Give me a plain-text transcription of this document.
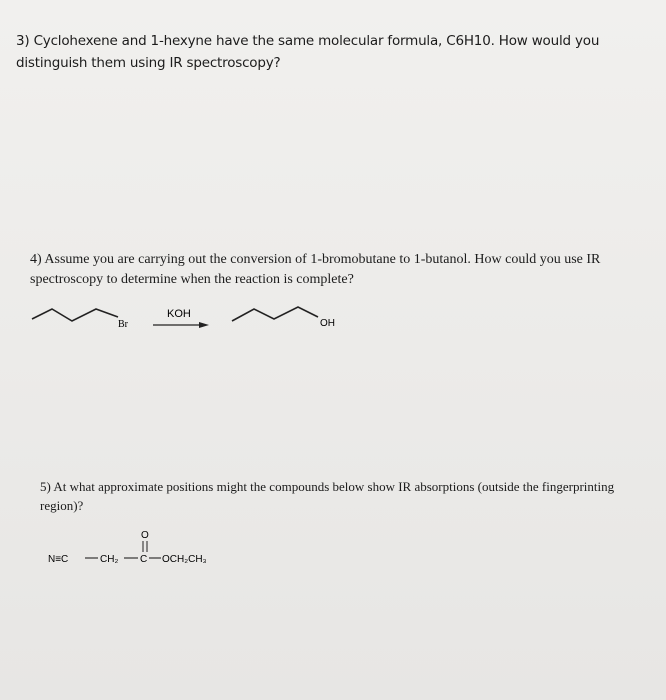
3) Cyclohexene and 1-hexyne have the same molecular formula, C6H10. How would you distinguish them using IR spectroscopy?
4) Assume you are carrying out the conversion of 1-bromobutane to 1-butanol. How could you use IR spectroscopy to determine when the reaction is complete?
Br
KOH
OH
5) At what approximate positions might the compounds below show IR absorptions (outside the fingerprinting region)?
N≡C	CH₂
O
C OCH₂CH₃
